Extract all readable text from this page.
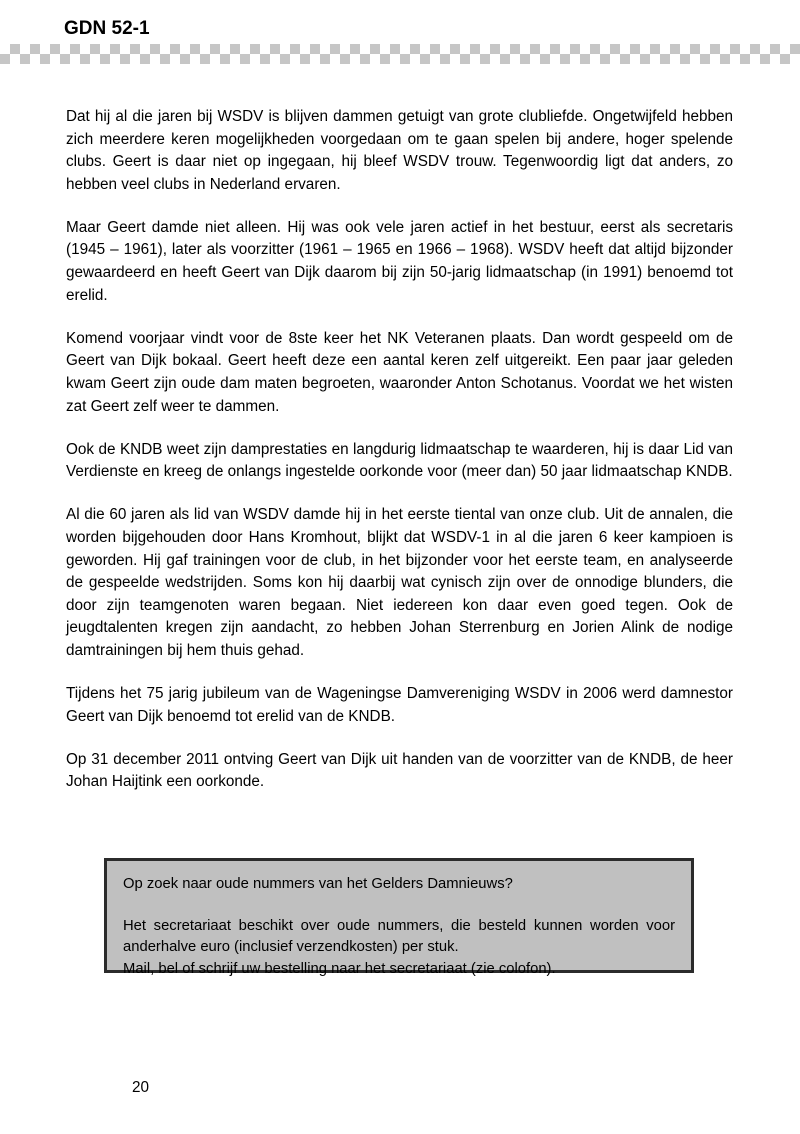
GDN 52-1

Dat hij al die jaren bij WSDV is blijven dammen getuigt van grote clubliefde. Ongetwijfeld hebben zich meerdere keren mogelijkheden voorgedaan om te gaan spelen bij andere, hoger spelende clubs. Geert is daar niet op ingegaan, hij bleef WSDV trouw. Tegenwoordig ligt dat anders, zo hebben veel clubs in Nederland ervaren.

Maar Geert damde niet alleen. Hij was ook vele jaren actief in het bestuur, eerst als secretaris (1945 – 1961), later als voorzitter (1961 – 1965 en 1966 – 1968). WSDV heeft dat altijd bijzonder gewaardeerd en heeft Geert van Dijk daarom bij zijn 50-jarig lidmaatschap (in 1991) benoemd tot erelid.

Komend voorjaar vindt voor de 8ste keer het NK Veteranen plaats. Dan wordt gespeeld om de Geert van Dijk bokaal. Geert heeft deze een aantal keren zelf uitgereikt. Een paar jaar geleden kwam Geert zijn oude dam maten begroeten, waaronder Anton Schotanus. Voordat we het wisten zat Geert zelf weer te dammen.

Ook de KNDB weet zijn damprestaties en langdurig lidmaatschap te waarderen, hij is daar Lid van Verdienste en kreeg de onlangs ingestelde oorkonde voor (meer dan) 50 jaar lidmaatschap KNDB.

Al die 60 jaren als lid van WSDV damde hij in het eerste tiental van onze club. Uit de annalen, die worden bijgehouden door Hans Kromhout, blijkt dat WSDV-1 in al die jaren 6 keer kampioen is geworden. Hij gaf trainingen voor de club, in het bijzonder voor het eerste team, en analyseerde de gespeelde wedstrijden. Soms kon hij daarbij wat cynisch zijn over de onnodige blunders, die door zijn teamgenoten waren begaan. Niet iedereen kon daar even goed tegen. Ook de jeugdtalenten kregen zijn aandacht, zo hebben Johan Sterrenburg en Jorien Alink de nodige damtrainingen bij hem thuis gehad.

Tijdens het 75 jarig jubileum van de Wageningse Damvereniging WSDV in 2006 werd damnestor Geert van Dijk benoemd tot erelid van de KNDB.

Op 31 december 2011 ontving Geert van Dijk uit handen van de voorzitter van de KNDB, de heer Johan Haijtink een oorkonde.

Op zoek naar oude nummers van het Gelders Damnieuws?

Het secretariaat beschikt over oude nummers, die besteld kunnen worden voor anderhalve euro (inclusief verzendkosten) per stuk.

Mail, bel of schrijf uw bestelling naar het secretariaat (zie colofon).

20
